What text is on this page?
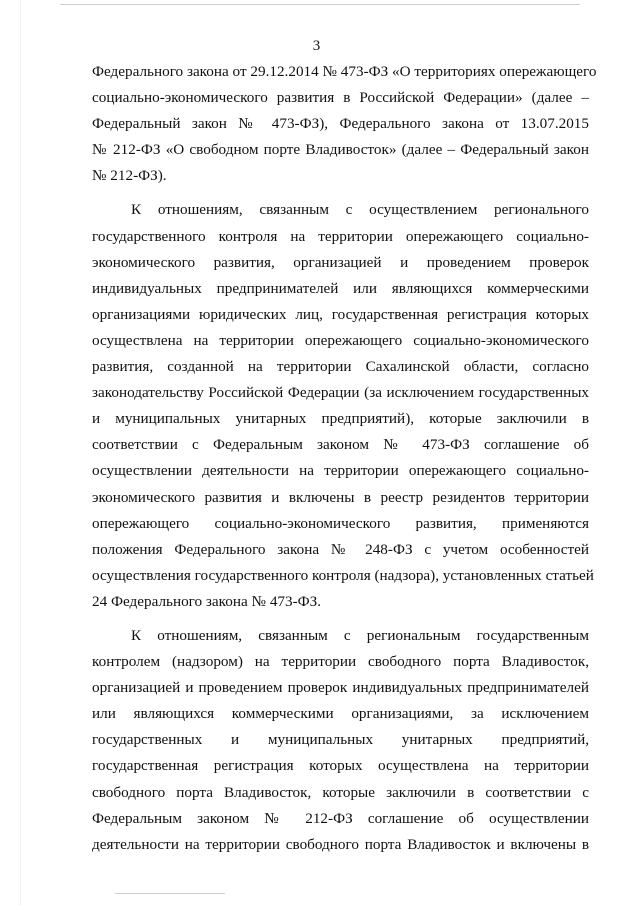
3
Федерального закона от 29.12.2014 № 473-ФЗ «О территориях опережающего
социально-экономического развития в Российской Федерации» (далее –
Федеральный закон № 473-ФЗ), Федерального закона от 13.07.2015
№ 212-ФЗ «О свободном порте Владивосток» (далее – Федеральный закон
№ 212-ФЗ).
К отношениям, связанным с осуществлением регионального
государственного контроля на территории опережающего социально-
экономического развития, организацией и проведением проверок
индивидуальных предпринимателей или являющихся коммерческими
организациями юридических лиц, государственная регистрация которых
осуществлена на территории опережающего социально-экономического
развития, созданной на территории Сахалинской области, согласно
законодательству Российской Федерации (за исключением государственных
и муниципальных унитарных предприятий), которые заключили в
соответствии с Федеральным законом № 473-ФЗ соглашение об
осуществлении деятельности на территории опережающего социально-
экономического развития и включены в реестр резидентов территории
опережающего социально-экономического развития, применяются
положения Федерального закона № 248-ФЗ с учетом особенностей
осуществления государственного контроля (надзора), установленных статьей
24 Федерального закона № 473-ФЗ.
К отношениям, связанным с региональным государственным
контролем (надзором) на территории свободного порта Владивосток,
организацией и проведением проверок индивидуальных предпринимателей
или являющихся коммерческими организациями, за исключением
государственных и муниципальных унитарных предприятий,
государственная регистрация которых осуществлена на территории
свободного порта Владивосток, которые заключили в соответствии с
Федеральным законом № 212-ФЗ соглашение об осуществлении
деятельности на территории свободного порта Владивосток и включены в
